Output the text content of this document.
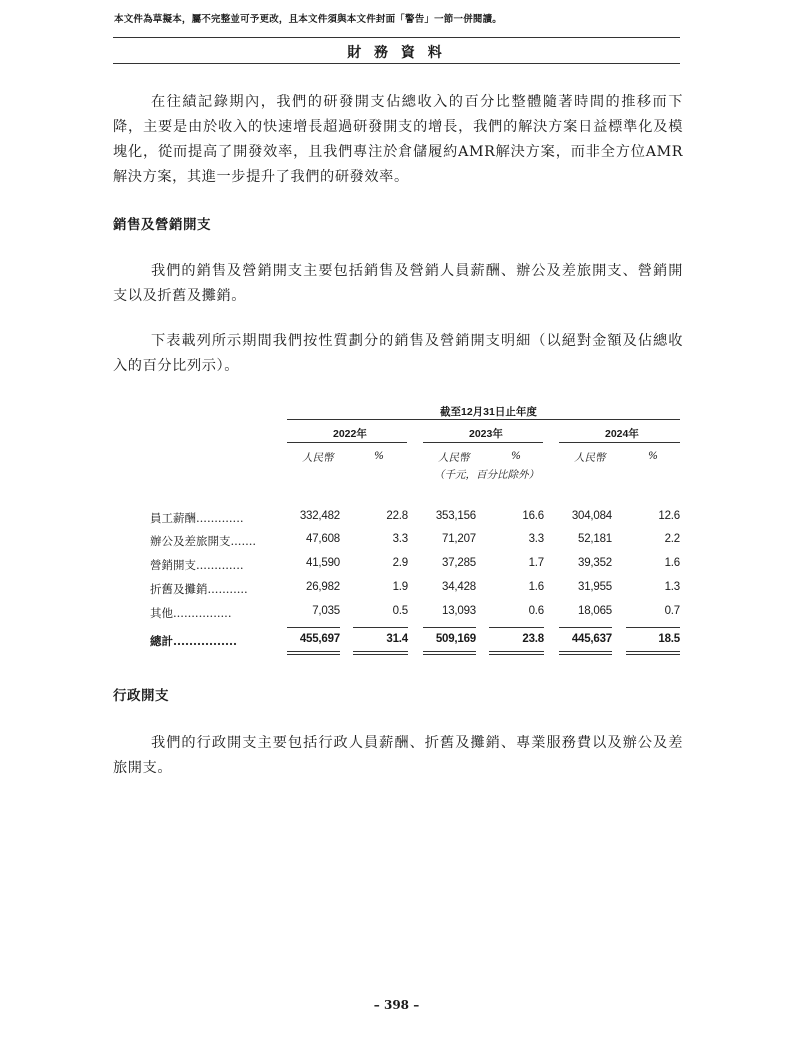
本文件為草擬本，屬不完整並可予更改，且本文件須與本文件封面「警告」一節一併閱讀。
財 務 資 料
在往績記錄期內，我們的研發開支佔總收入的百分比整體隨著時間的推移而下降，主要是由於收入的快速增長超過研發開支的增長，我們的解決方案日益標準化及模塊化，從而提高了開發效率，且我們專注於倉儲履約AMR解決方案，而非全方位AMR解決方案，其進一步提升了我們的研發效率。
銷售及營銷開支
我們的銷售及營銷開支主要包括銷售及營銷人員薪酬、辦公及差旅開支、營銷開支以及折舊及攤銷。
下表載列所示期間我們按性質劃分的銷售及營銷開支明細（以絕對金額及佔總收入的百分比列示）。
截至12月31日止年度
2022年	2023年	2024年
人民幣	%	人民幣	%	人民幣	%
（千元，百分比除外）
員工薪酬.............	332,482	22.8 353,156	16.6 304,084	12.6
辦公及差旅開支.......	47,608	3.3	71,207	3.3	52,181	2.2
營銷開支.............	41,590	2.9	37,285	1.7	39,352	1.6
折舊及攤銷...........	26,982	1.9	34,428	1.6	31,955	1.3
其他................	7,035	0.5	13,093	0.6	18,065	0.7
總計................	455,697	31.4 509,169	23.8 445,637	18.5
行政開支
我們的行政開支主要包括行政人員薪酬、折舊及攤銷、專業服務費以及辦公及差旅開支。
– 398 –
